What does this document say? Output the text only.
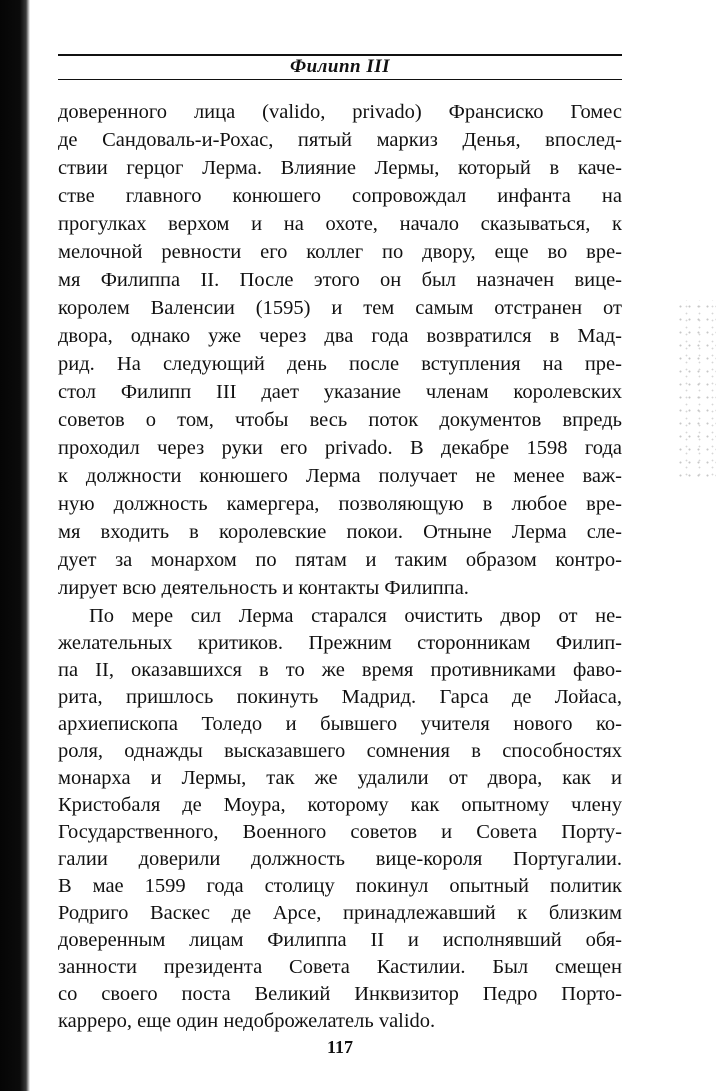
Филипп III
доверенного лица (valido, privado) Франсиско Гомес
де Сандоваль-и-Рохас, пятый маркиз Денья, впослед-
ствии герцог Лерма. Влияние Лермы, который в каче-
стве главного конюшего сопровождал инфанта на
прогулках верхом и на охоте, начало сказываться, к
мелочной ревности его коллег по двору, еще во вре-
мя Филиппа II. После этого он был назначен вице-
королем Валенсии (1595) и тем самым отстранен от
двора, однако уже через два года возвратился в Мад-
рид. На следующий день после вступления на пре-
стол Филипп III дает указание членам королевских
советов о том, чтобы весь поток документов впредь
проходил через руки его privado. В декабре 1598 года
к должности конюшего Лерма получает не менее важ-
ную должность камергера, позволяющую в любое вре-
мя входить в королевские покои. Отныне Лерма сле-
дует за монархом по пятам и таким образом контро-
лирует всю деятельность и контакты Филиппа.
По мере сил Лерма старался очистить двор от не-
желательных критиков. Прежним сторонникам Филип-
па II, оказавшихся в то же время противниками фаво-
рита, пришлось покинуть Мадрид. Гарса де Лойаса,
архиепископа Толедо и бывшего учителя нового ко-
роля, однажды высказавшего сомнения в способностях
монарха и Лермы, так же удалили от двора, как и
Кристобаля де Моура, которому как опытному члену
Государственного, Военного советов и Совета Порту-
галии доверили должность вице-короля Португалии.
В мае 1599 года столицу покинул опытный политик
Родриго Васкес де Арсе, принадлежавший к близким
доверенным лицам Филиппа II и исполнявший обя-
занности президента Совета Кастилии. Был смещен
со своего поста Великий Инквизитор Педро Порто-
карреро, еще один недоброжелатель valido.
117
